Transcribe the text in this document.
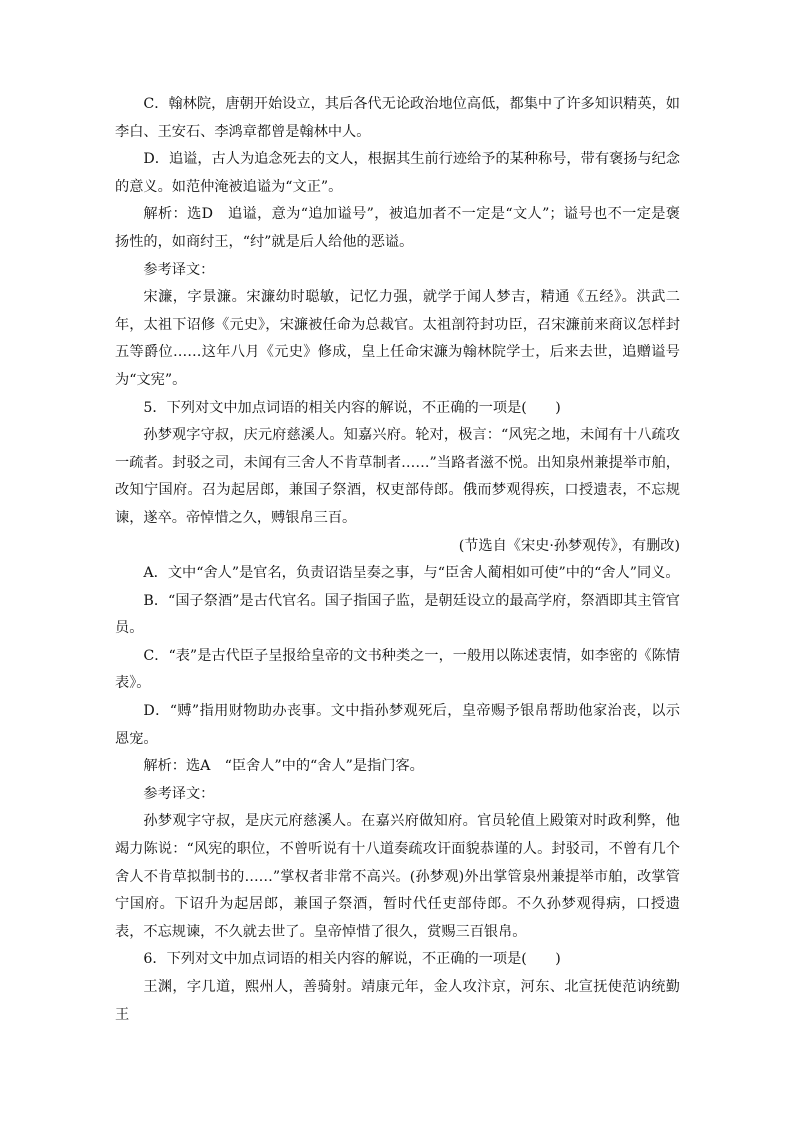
C．翰林院，唐朝开始设立，其后各代无论政治地位高低，都集中了许多知识精英，如李白、王安石、李鸿章都曾是翰林中人。

D．追谥，古人为追念死去的文人，根据其生前行迹给予的某种称号，带有褒扬与纪念的意义。如范仲淹被追谥为“文正”。

解析：选D　追谥，意为“追加谥号”，被追加者不一定是“文人”；谥号也不一定是褒扬性的，如商纣王，“纣”就是后人给他的恶谥。

参考译文：

宋濂，字景濂。宋濂幼时聪敏，记忆力强，就学于闻人梦吉，精通《五经》。洪武二年，太祖下诏修《元史》，宋濂被任命为总裁官。太祖剖符封功臣，召宋濂前来商议怎样封五等爵位……这年八月《元史》修成，皇上任命宋濂为翰林院学士，后来去世，追赠谥号为“文宪”。

5．下列对文中加点词语的相关内容的解说，不正确的一项是(　　)

孙梦观字守叔，庆元府慈溪人。知嘉兴府。轮对，极言：“风宪之地，未闻有十八疏攻一疏者。封驳之司，未闻有三舍人不肯草制者……”当路者滋不悦。出知泉州兼提举市舶，改知宁国府。召为起居郎，兼国子祭酒，权吏部侍郎。俄而梦观得疾，口授遗表，不忘规谏，遂卒。帝悼惜之久，赙银帛三百。

(节选自《宋史·孙梦观传》，有删改)

A．文中“舍人”是官名，负责诏诰呈奏之事，与“臣舍人蔺相如可使”中的“舍人”同义。

B．“国子祭酒”是古代官名。国子指国子监，是朝廷设立的最高学府，祭酒即其主管官员。

C．“表”是古代臣子呈报给皇帝的文书种类之一，一般用以陈述衷情，如李密的《陈情表》。

D．“赙”指用财物助办丧事。文中指孙梦观死后，皇帝赐予银帛帮助他家治丧，以示恩宠。

解析：选A　“臣舍人”中的“舍人”是指门客。

参考译文：

孙梦观字守叔，是庆元府慈溪人。在嘉兴府做知府。官员轮值上殿策对时政利弊，他竭力陈说：“风宪的职位，不曾听说有十八道奏疏攻讦面貌恭谨的人。封驳司，不曾有几个舍人不肯草拟制书的……”掌权者非常不高兴。(孙梦观)外出掌管泉州兼提举市舶，改掌管宁国府。下诏升为起居郎，兼国子祭酒，暂时代任吏部侍郎。不久孙梦观得病，口授遗表，不忘规谏，不久就去世了。皇帝悼惜了很久，赏赐三百银帛。

6．下列对文中加点词语的相关内容的解说，不正确的一项是(　　)

王渊，字几道，熙州人，善骑射。靖康元年，金人攻汴京，河东、北宣抚使范讷统勤王
